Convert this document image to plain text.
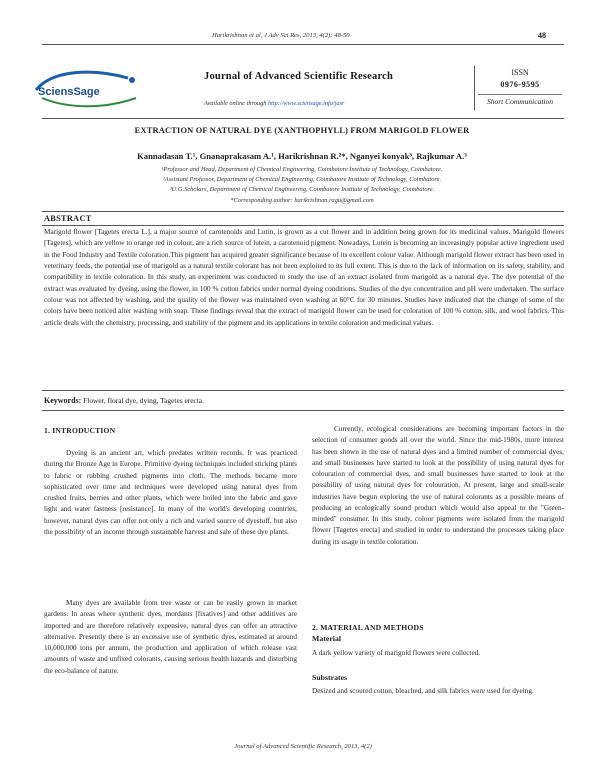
Harikrishnan et al, J Adv Sci Res, 2013, 4(2): 48-50	48
SciensSage
Journal of Advanced Scientific Research
Available online through http://www.sciensage.info/jasr
ISSN
0976-9595
Short Communication
EXTRACTION OF NATURAL DYE (XANTHOPHYLL) FROM MARIGOLD FLOWER
Kannadasan T.¹, Gnanaprakasam A.¹, Harikrishnan R.²*, Nganyei konyak³, Rajkumar A.³
¹Professor and Head, Department of Chemical Engineering, Coimbatore Institute of Technology, Coimbatore.
²Assistant Professor, Department of Chemical Engineering, Coimbatore Institute of Technology, Coimbatore.
³U.G.Scholars, Department of Chemical Engineering, Coimbatore Institute of Technology, Coimbatore.
*Corresponding author: harikrishnan.ragu@gmail.com
ABSTRACT
Marigold flower [Tagetes erecta L.], a major source of carotenoids and Lutin, is grown as a cut flower and in addition being grown for its medicinal values. Marigold flowers [Tagetes], which are yellow to orange red in colour, are a rich source of lutein, a carotenoid pigment. Nowadays, Lutein is becoming an increasingly popular active ingredient used in the Food Industry and Textile coloration.This pigment has acquired greater significance because of its excellent colour value. Although marigold flower extract has been used in veterinary feeds, the potential use of marigold as a natural textile colorant has not been exploited to its full extent. This is due to the lack of information on its safety, stability, and compatibility in textile coloration. In this study, an experiment was conducted to study the use of an extract isolated from marigold as a natural dye. The dye potential of the extract was evaluated by dyeing, using the flower, in 100 % cotton fabrics under normal dyeing conditions. Studies of the dye concentration and pH were undertaken. The surface colour was not affected by washing, and the quality of the flower was maintained even washing at 60°C for 30 minutes. Studies have indicated that the change of some of the colors have been noticed after washing with soap. These findings reveal that the extract of marigold flower can be used for coloration of 100 % cotton, silk, and wool fabrics. This article deals with the chemistry, processing, and stability of the pigment and its applications in textile coloration and medicinal values.
Keywords: Flower, floral dye, dying, Tagetes erecta.
1. INTRODUCTION

Dyeing is an ancient art, which predates written records. It was practiced during the Bronze Age in Europe. Primitive dyeing techniques included sticking plants to fabric or rubbing crushed pigments into cloth. The methods became more sophisticated over time and techniques were developed using natural dyes from crushed fruits, berries and other plants, which were boiled into the fabric and gave light and water fastness [resistance]. In many of the world's developing countries, however, natural dyes can offer not only a rich and varied source of dyestuff, but also the possibility of an income through sustainable harvest and sale of these dye plants.

Many dyes are available from tree waste or can be easily grown in market gardens. In areas where synthetic dyes, mordants [fixatives] and other additives are imported and are therefore relatively expensive, natural dyes can offer an attractive alternative. Presently there is an excessive use of synthetic dyes, estimated at around 10,000,000 tons per annum, the production and application of which release vast amounts of waste and unfixed colorants, causing serious health hazards and disturbing the eco-balance of nature.

Currently, ecological considerations are becoming important factors in the selection of consumer goods all over the world. Since the mid-1980s, more interest has been shown in the use of natural dyes and a limited number of commercial dyes, and small businesses have started to look at the possibility of using natural dyes for colouration of commercial dyes, and small businesses have started to look at the possibility of using natural dyes for colouration. At present, large and small-scale industries have begun exploring the use of natural colorants as a possible means of producing an ecologically sound product which would also appeal to the "Green-minded" consumer. In this study, colour pigments were isolated from the marigold flower [Tagetes erecta] and studied in order to understand the processes taking place during its usage in textile coloration.

2. MATERIAL AND METHODS
Material
A dark yellow variety of marigold flowers were collected.
Substrates
Desized and scoured cotton, bleached, and silk fabrics were used for dyeing.
Journal of Advanced Scientific Research, 2013, 4(2)
